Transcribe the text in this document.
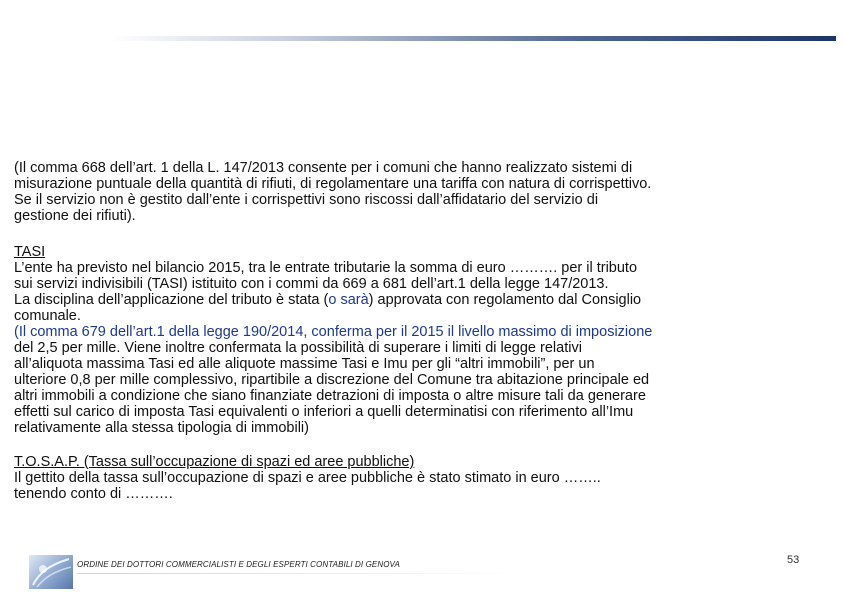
(Il comma 668 dell’art. 1 della L. 147/2013 consente per i comuni che hanno realizzato sistemi di
misurazione puntuale della quantità di rifiuti, di regolamentare una tariffa con natura di corrispettivo.
Se il servizio non è gestito dall’ente i corrispettivi sono riscossi dall’affidatario del servizio di
gestione dei rifiuti).
TASI
L’ente ha previsto nel bilancio 2015, tra le entrate tributarie la somma di euro ………. per il tributo
sui servizi indivisibili (TASI) istituito con i commi da 669 a 681 dell’art.1 della legge 147/2013.
La disciplina dell’applicazione del tributo è stata (o sarà) approvata con regolamento dal Consiglio
comunale.
(Il comma 679 dell’art.1 della legge 190/2014, conferma per il 2015 il livello massimo di imposizione
del 2,5 per mille. Viene inoltre confermata la possibilità di superare i limiti di legge relativi
all’aliquota massima Tasi ed alle aliquote massime Tasi e Imu per gli “altri immobili”, per un
ulteriore 0,8 per mille complessivo, ripartibile a discrezione del Comune tra abitazione principale ed
altri immobili a condizione che siano finanziate detrazioni di imposta o altre misure tali da generare
effetti sul carico di imposta Tasi equivalenti o inferiori a quelli determinatisi con riferimento all’Imu
relativamente alla stessa tipologia di immobili)
T.O.S.A.P. (Tassa sull’occupazione di spazi ed aree pubbliche)
Il gettito della tassa sull’occupazione di spazi e aree pubbliche è stato stimato in euro ……..
tenendo conto di ……….
ORDINE DEI DOTTORI COMMERCIALISTI E DEGLI ESPERTI CONTABILI DI GENOVA	53
